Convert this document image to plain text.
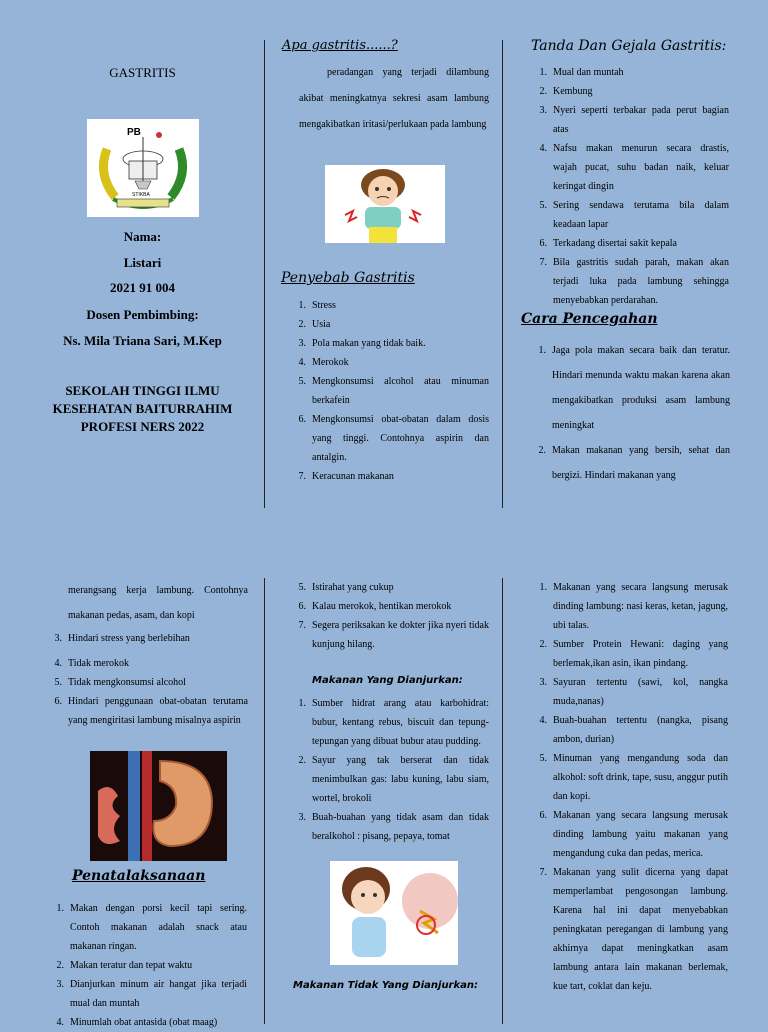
GASTRITIS
PB
STIKBA
Nama:
Listari
2021 91 004
Dosen Pembimbing:
Ns. Mila Triana Sari, M.Kep
SEKOLAH TINGGI ILMU
KESEHATAN BAITURRAHIM
PROFESI NERS 2022
Apa gastritis......?
peradangan yang terjadi dilambung akibat meningkatnya sekresi asam lambung mengakibatkan iritasi/perlukaan pada lambung
Penyebab Gastritis
1. Stress
2. Usia
3. Pola makan yang tidak baik.
4. Merokok
5. Mengkonsumsi alcohol atau minuman berkafein
6. Mengkonsumsi obat-obatan dalam dosis yang tinggi. Contohnya aspirin dan antalgin.
7. Keracunan makanan
Tanda Dan Gejala Gastritis:
1. Mual dan muntah
2. Kembung
3. Nyeri seperti terbakar pada perut bagian atas
4. Nafsu makan menurun secara drastis, wajah pucat, suhu badan naik, keluar keringat dingin
5. Sering sendawa terutama bila dalam keadaan lapar
6. Terkadang disertai sakit kepala
7. Bila gastritis sudah parah, makan akan terjadi luka pada lambung sehingga menyebabkan perdarahan.
Cara Pencegahan
1. Jaga pola makan secara baik dan teratur. Hindari menunda waktu makan karena akan mengakibatkan produksi asam lambung meningkat
2. Makan makanan yang bersih, sehat dan bergizi. Hindari makanan yang
merangsang kerja lambung. Contohnya makanan pedas, asam, dan kopi
3. Hindari stress yang berlebihan
4. Tidak merokok
5. Tidak mengkonsumsi alcohol
6. Hindari penggunaan obat-obatan terutama yang mengiritasi lambung misalnya aspirin
Penatalaksanaan
1. Makan dengan porsi kecil tapi sering. Contoh makanan adalah snack atau makanan ringan.
2. Makan teratur dan tepat waktu
3. Dianjurkan minum air hangat jika terjadi mual dan muntah
4. Minumlah obat antasida (obat maag)
5. Istirahat yang cukup
6. Kalau merokok, hentikan merokok
7. Segera periksakan ke dokter jika nyeri tidak kunjung hilang.
Makanan Yang Dianjurkan:
1. Sumber hidrat arang atau karbohidrat: bubur, kentang rebus, biscuit dan tepung-tepungan yang dibuat bubur atau pudding.
2. Sayur yang tak berserat dan tidak menimbulkan gas: labu kuning, labu siam, wortel, brokoli
3. Buah-buahan yang tidak asam dan tidak beralkohol : pisang, pepaya, tomat
Makanan Tidak Yang Dianjurkan:
1. Makanan yang secara langsung merusak dinding lambung: nasi keras, ketan, jagung, ubi talas.
2. Sumber Protein Hewani: daging yang berlemak,ikan asin, ikan pindang.
3. Sayuran tertentu (sawi, kol, nangka muda,nanas)
4. Buah-buahan tertentu (nangka, pisang ambon, durian)
5. Minuman yang mengandung soda dan alkohol: soft drink, tape, susu, anggur putih dan kopi.
6. Makanan yang secara langsung merusak dinding lambung yaitu makanan yang mengandung cuka dan pedas, merica.
7. Makanan yang sulit dicerna yang dapat memperlambat pengosongan lambung. Karena hal ini dapat menyebabkan peningkatan peregangan di lambung yang akhirnya dapat meningkatkan asam lambung antara lain makanan berlemak, kue tart, coklat dan keju.
